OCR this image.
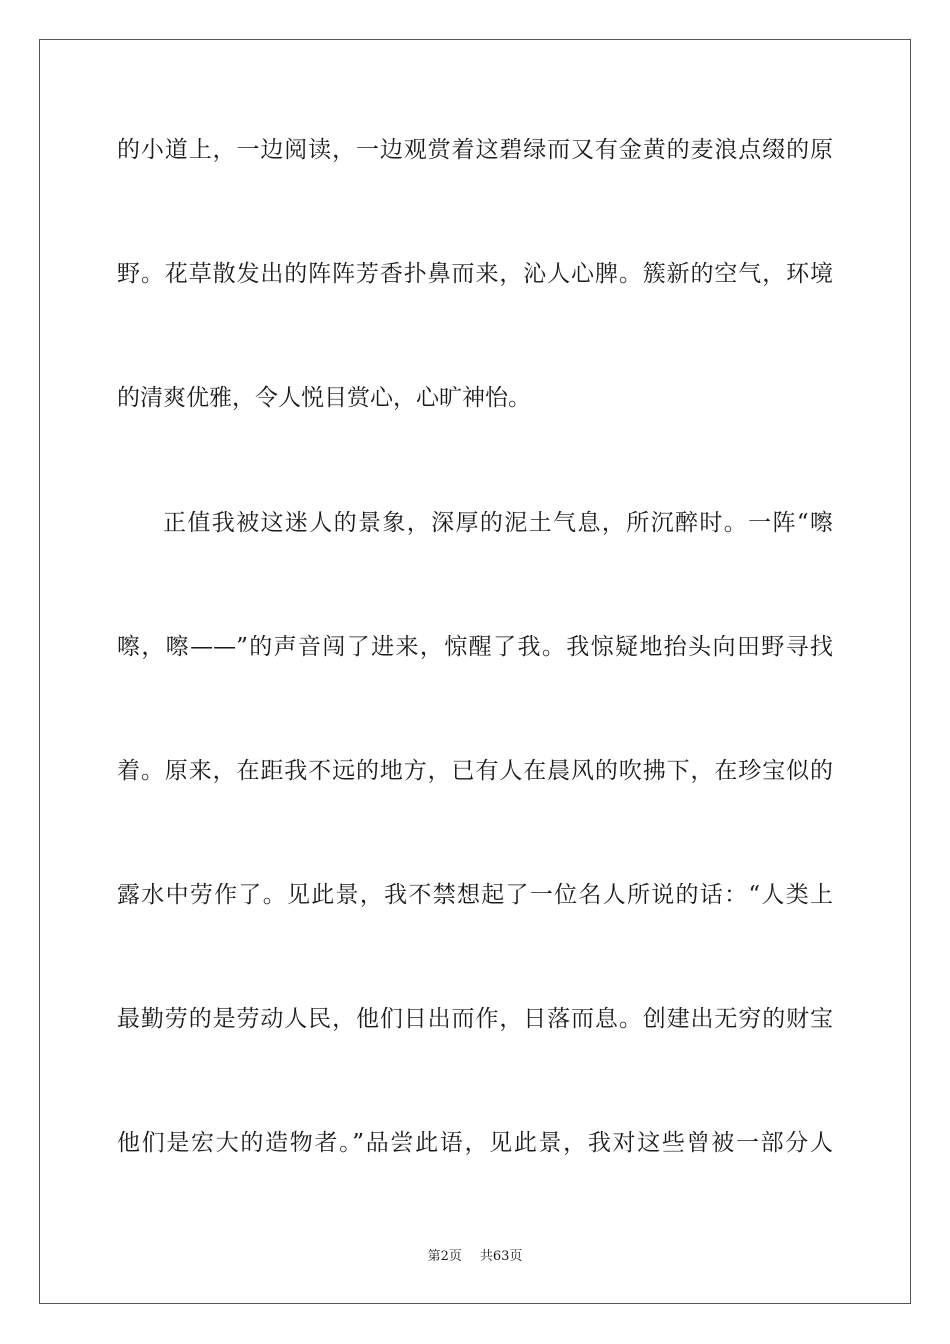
的小道上，一边阅读，一边观赏着这碧绿而又有金黄的麦浪点缀的原
野。花草散发出的阵阵芳香扑鼻而来，沁人心脾。簇新的空气，环境
的清爽优雅，令人悦目赏心，心旷神怡。
正值我被这迷人的景象，深厚的泥土气息，所沉醉时。一阵“嚓
嚓，嚓——”的声音闯了进来，惊醒了我。我惊疑地抬头向田野寻找
着。原来，在距我不远的地方，已有人在晨风的吹拂下，在珍宝似的
露水中劳作了。见此景，我不禁想起了一位名人所说的话：“人类上
最勤劳的是劳动人民，他们日出而作，日落而息。创建出无穷的财宝
他们是宏大的造物者。”品尝此语，见此景，我对这些曾被一部分人
第2页 共63页
